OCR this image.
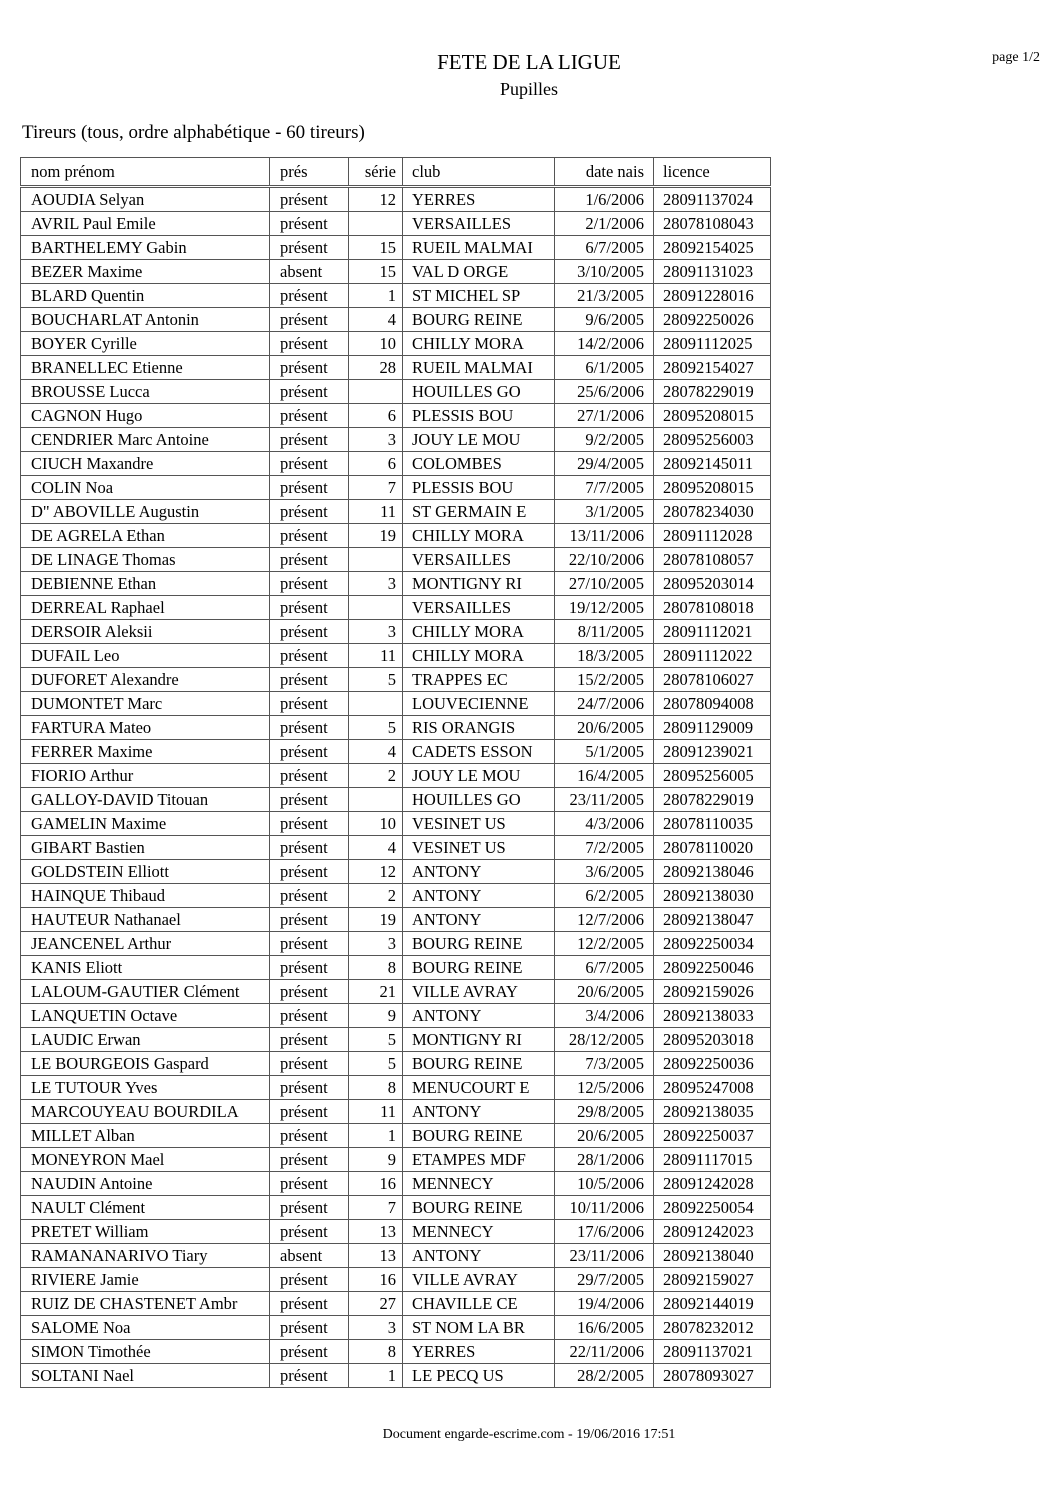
FETE DE LA LIGUE
Pupilles
page 1/2
Tireurs (tous, ordre alphabétique - 60 tireurs)
nom prénom	prés	série	club	date nais	licence
AOUDIA Selyan	présent	12	YERRES	1/6/2006	28091137024
AVRIL Paul Emile	présent		VERSAILLES	2/1/2006	28078108043
BARTHELEMY Gabin	présent	15	RUEIL MALMAI	6/7/2005	28092154025
BEZER Maxime	absent	15	VAL D ORGE	3/10/2005	28091131023
BLARD Quentin	présent	1	ST MICHEL SP	21/3/2005	28091228016
BOUCHARLAT Antonin	présent	4	BOURG REINE	9/6/2005	28092250026
BOYER Cyrille	présent	10	CHILLY MORA	14/2/2006	28091112025
BRANELLEC Etienne	présent	28	RUEIL MALMAI	6/1/2005	28092154027
BROUSSE Lucca	présent		HOUILLES GO	25/6/2006	28078229019
CAGNON Hugo	présent	6	PLESSIS BOU	27/1/2006	28095208015
CENDRIER Marc Antoine	présent	3	JOUY LE MOU	9/2/2005	28095256003
CIUCH Maxandre	présent	6	COLOMBES	29/4/2005	28092145011
COLIN Noa	présent	7	PLESSIS BOU	7/7/2005	28095208015
D" ABOVILLE Augustin	présent	11	ST GERMAIN E	3/1/2005	28078234030
DE AGRELA Ethan	présent	19	CHILLY MORA	13/11/2006	28091112028
DE LINAGE Thomas	présent		VERSAILLES	22/10/2006	28078108057
DEBIENNE Ethan	présent	3	MONTIGNY RI	27/10/2005	28095203014
DERREAL Raphael	présent		VERSAILLES	19/12/2005	28078108018
DERSOIR Aleksii	présent	3	CHILLY MORA	8/11/2005	28091112021
DUFAIL Leo	présent	11	CHILLY MORA	18/3/2005	28091112022
DUFORET Alexandre	présent	5	TRAPPES EC	15/2/2005	28078106027
DUMONTET Marc	présent		LOUVECIENNE	24/7/2006	28078094008
FARTURA Mateo	présent	5	RIS ORANGIS	20/6/2005	28091129009
FERRER Maxime	présent	4	CADETS ESSON	5/1/2005	28091239021
FIORIO Arthur	présent	2	JOUY LE MOU	16/4/2005	28095256005
GALLOY-DAVID Titouan	présent		HOUILLES GO	23/11/2005	28078229019
GAMELIN Maxime	présent	10	VESINET US	4/3/2006	28078110035
GIBART Bastien	présent	4	VESINET US	7/2/2005	28078110020
GOLDSTEIN Elliott	présent	12	ANTONY	3/6/2005	28092138046
HAINQUE Thibaud	présent	2	ANTONY	6/2/2005	28092138030
HAUTEUR Nathanael	présent	19	ANTONY	12/7/2006	28092138047
JEANCENEL Arthur	présent	3	BOURG REINE	12/2/2005	28092250034
KANIS Eliott	présent	8	BOURG REINE	6/7/2005	28092250046
LALOUM-GAUTIER Clément	présent	21	VILLE AVRAY	20/6/2005	28092159026
LANQUETIN Octave	présent	9	ANTONY	3/4/2006	28092138033
LAUDIC Erwan	présent	5	MONTIGNY RI	28/12/2005	28095203018
LE BOURGEOIS Gaspard	présent	5	BOURG REINE	7/3/2005	28092250036
LE TUTOUR Yves	présent	8	MENUCOURT E	12/5/2006	28095247008
MARCOUYEAU BOURDILA	présent	11	ANTONY	29/8/2005	28092138035
MILLET Alban	présent	1	BOURG REINE	20/6/2005	28092250037
MONEYRON Mael	présent	9	ETAMPES MDF	28/1/2006	28091117015
NAUDIN Antoine	présent	16	MENNECY	10/5/2006	28091242028
NAULT Clément	présent	7	BOURG REINE	10/11/2006	28092250054
PRETET William	présent	13	MENNECY	17/6/2006	28091242023
RAMANANARIVO Tiary	absent	13	ANTONY	23/11/2006	28092138040
RIVIERE Jamie	présent	16	VILLE AVRAY	29/7/2005	28092159027
RUIZ DE CHASTENET Ambr	présent	27	CHAVILLE CE	19/4/2006	28092144019
SALOME Noa	présent	3	ST NOM LA BR	16/6/2005	28078232012
SIMON Timothée	présent	8	YERRES	22/11/2006	28091137021
SOLTANI Nael	présent	1	LE PECQ US	28/2/2005	28078093027
Document engarde-escrime.com - 19/06/2016 17:51
